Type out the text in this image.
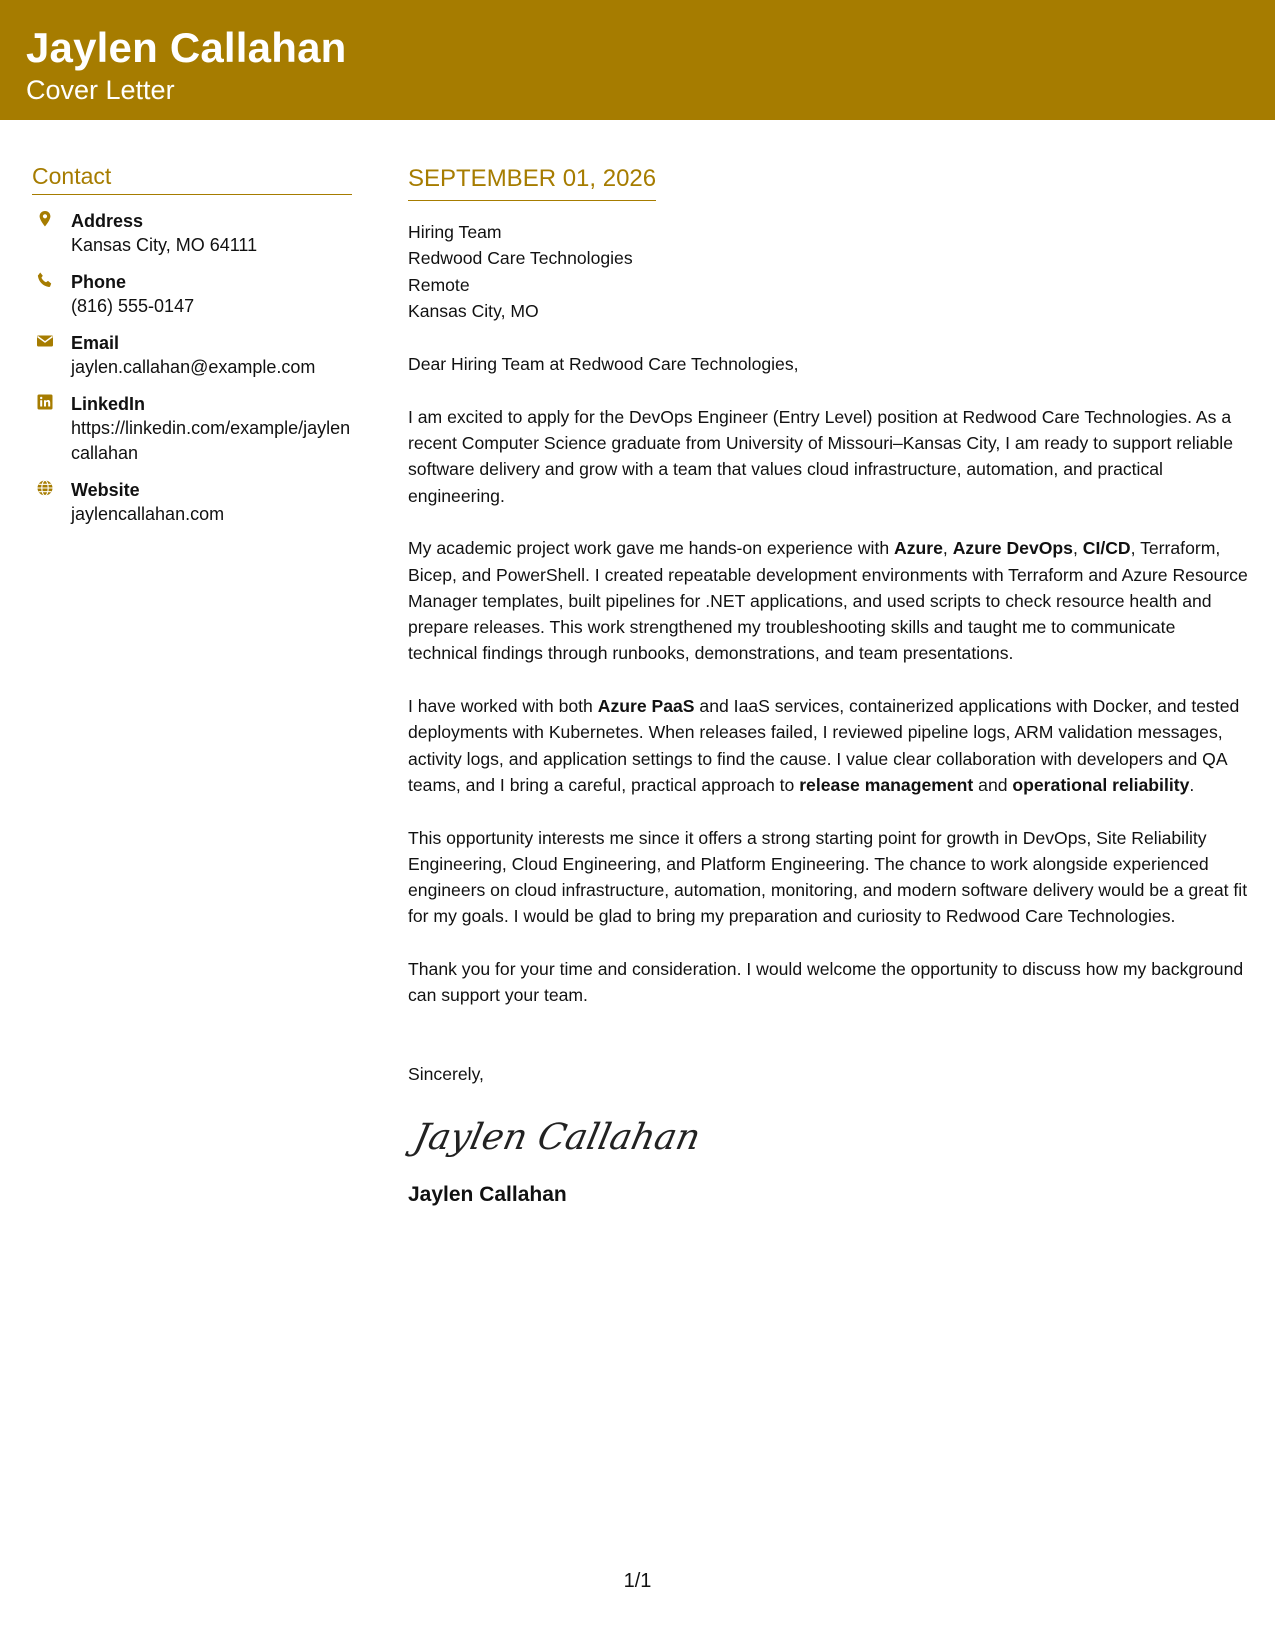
Jaylen Callahan
Cover Letter
Contact
Address
Kansas City, MO 64111
Phone
(816) 555-0147
Email
jaylen.callahan@example.com
LinkedIn
https://linkedin.com/example/jaylencallahan
Website
jaylencallahan.com
SEPTEMBER 01, 2026
Hiring Team
Redwood Care Technologies
Remote
Kansas City, MO
Dear Hiring Team at Redwood Care Technologies,

I am excited to apply for the DevOps Engineer (Entry Level) position at Redwood Care Technologies. As a recent Computer Science graduate from University of Missouri–Kansas City, I am ready to support reliable software delivery and grow with a team that values cloud infrastructure, automation, and practical engineering.

My academic project work gave me hands-on experience with Azure, Azure DevOps, CI/CD, Terraform, Bicep, and PowerShell. I created repeatable development environments with Terraform and Azure Resource Manager templates, built pipelines for .NET applications, and used scripts to check resource health and prepare releases. This work strengthened my troubleshooting skills and taught me to communicate technical findings through runbooks, demonstrations, and team presentations.

I have worked with both Azure PaaS and IaaS services, containerized applications with Docker, and tested deployments with Kubernetes. When releases failed, I reviewed pipeline logs, ARM validation messages, activity logs, and application settings to find the cause. I value clear collaboration with developers and QA teams, and I bring a careful, practical approach to release management and operational reliability.

This opportunity interests me since it offers a strong starting point for growth in DevOps, Site Reliability Engineering, Cloud Engineering, and Platform Engineering. The chance to work alongside experienced engineers on cloud infrastructure, automation, monitoring, and modern software delivery would be a great fit for my goals. I would be glad to bring my preparation and curiosity to Redwood Care Technologies.

Thank you for your time and consideration. I would welcome the opportunity to discuss how my background can support your team.

Sincerely,
Jaylen Callahan
Jaylen Callahan
1/1
